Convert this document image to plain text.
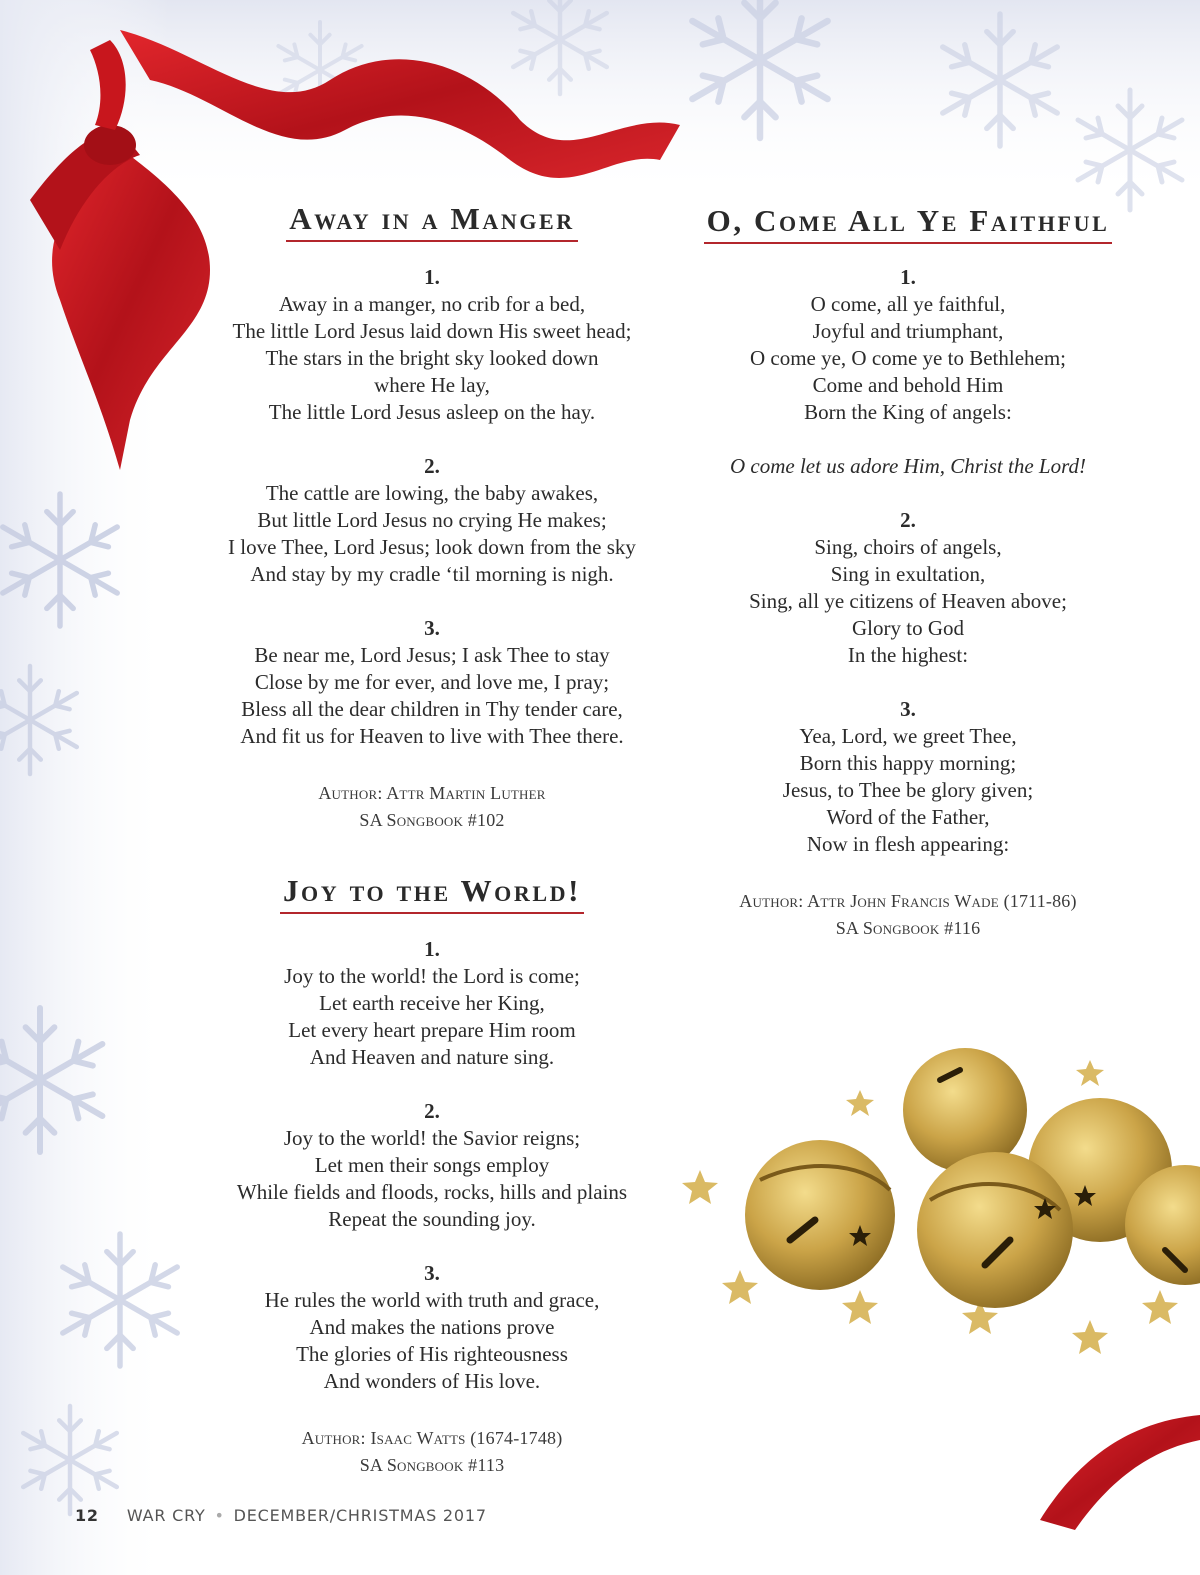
Away in a Manger
1.
Away in a manger, no crib for a bed,
The little Lord Jesus laid down His sweet head;
The stars in the bright sky looked down
where He lay,
The little Lord Jesus asleep on the hay.
2.
The cattle are lowing, the baby awakes,
But little Lord Jesus no crying He makes;
I love Thee, Lord Jesus; look down from the sky
And stay by my cradle ‘til morning is nigh.
3.
Be near me, Lord Jesus; I ask Thee to stay
Close by me for ever, and love me, I pray;
Bless all the dear children in Thy tender care,
And fit us for Heaven to live with Thee there.
Author: Attr Martin Luther
SA Songbook #102
Joy to the World!
1.
Joy to the world! the Lord is come;
Let earth receive her King,
Let every heart prepare Him room
And Heaven and nature sing.
2.
Joy to the world! the Savior reigns;
Let men their songs employ
While fields and floods, rocks, hills and plains
Repeat the sounding joy.
3.
He rules the world with truth and grace,
And makes the nations prove
The glories of His righteousness
And wonders of His love.
Author: Isaac Watts (1674-1748)
SA Songbook #113
O, Come All Ye Faithful
1.
O come, all ye faithful,
Joyful and triumphant,
O come ye, O come ye to Bethlehem;
Come and behold Him
Born the King of angels:
O come let us adore Him, Christ the Lord!
2.
Sing, choirs of angels,
Sing in exultation,
Sing, all ye citizens of Heaven above;
Glory to God
In the highest:
3.
Yea, Lord, we greet Thee,
Born this happy morning;
Jesus, to Thee be glory given;
Word of the Father,
Now in flesh appearing:
Author: Attr John Francis Wade (1711-86)
SA Songbook #116
12 WAR CRY • DECEMBER/CHRISTMAS 2017
